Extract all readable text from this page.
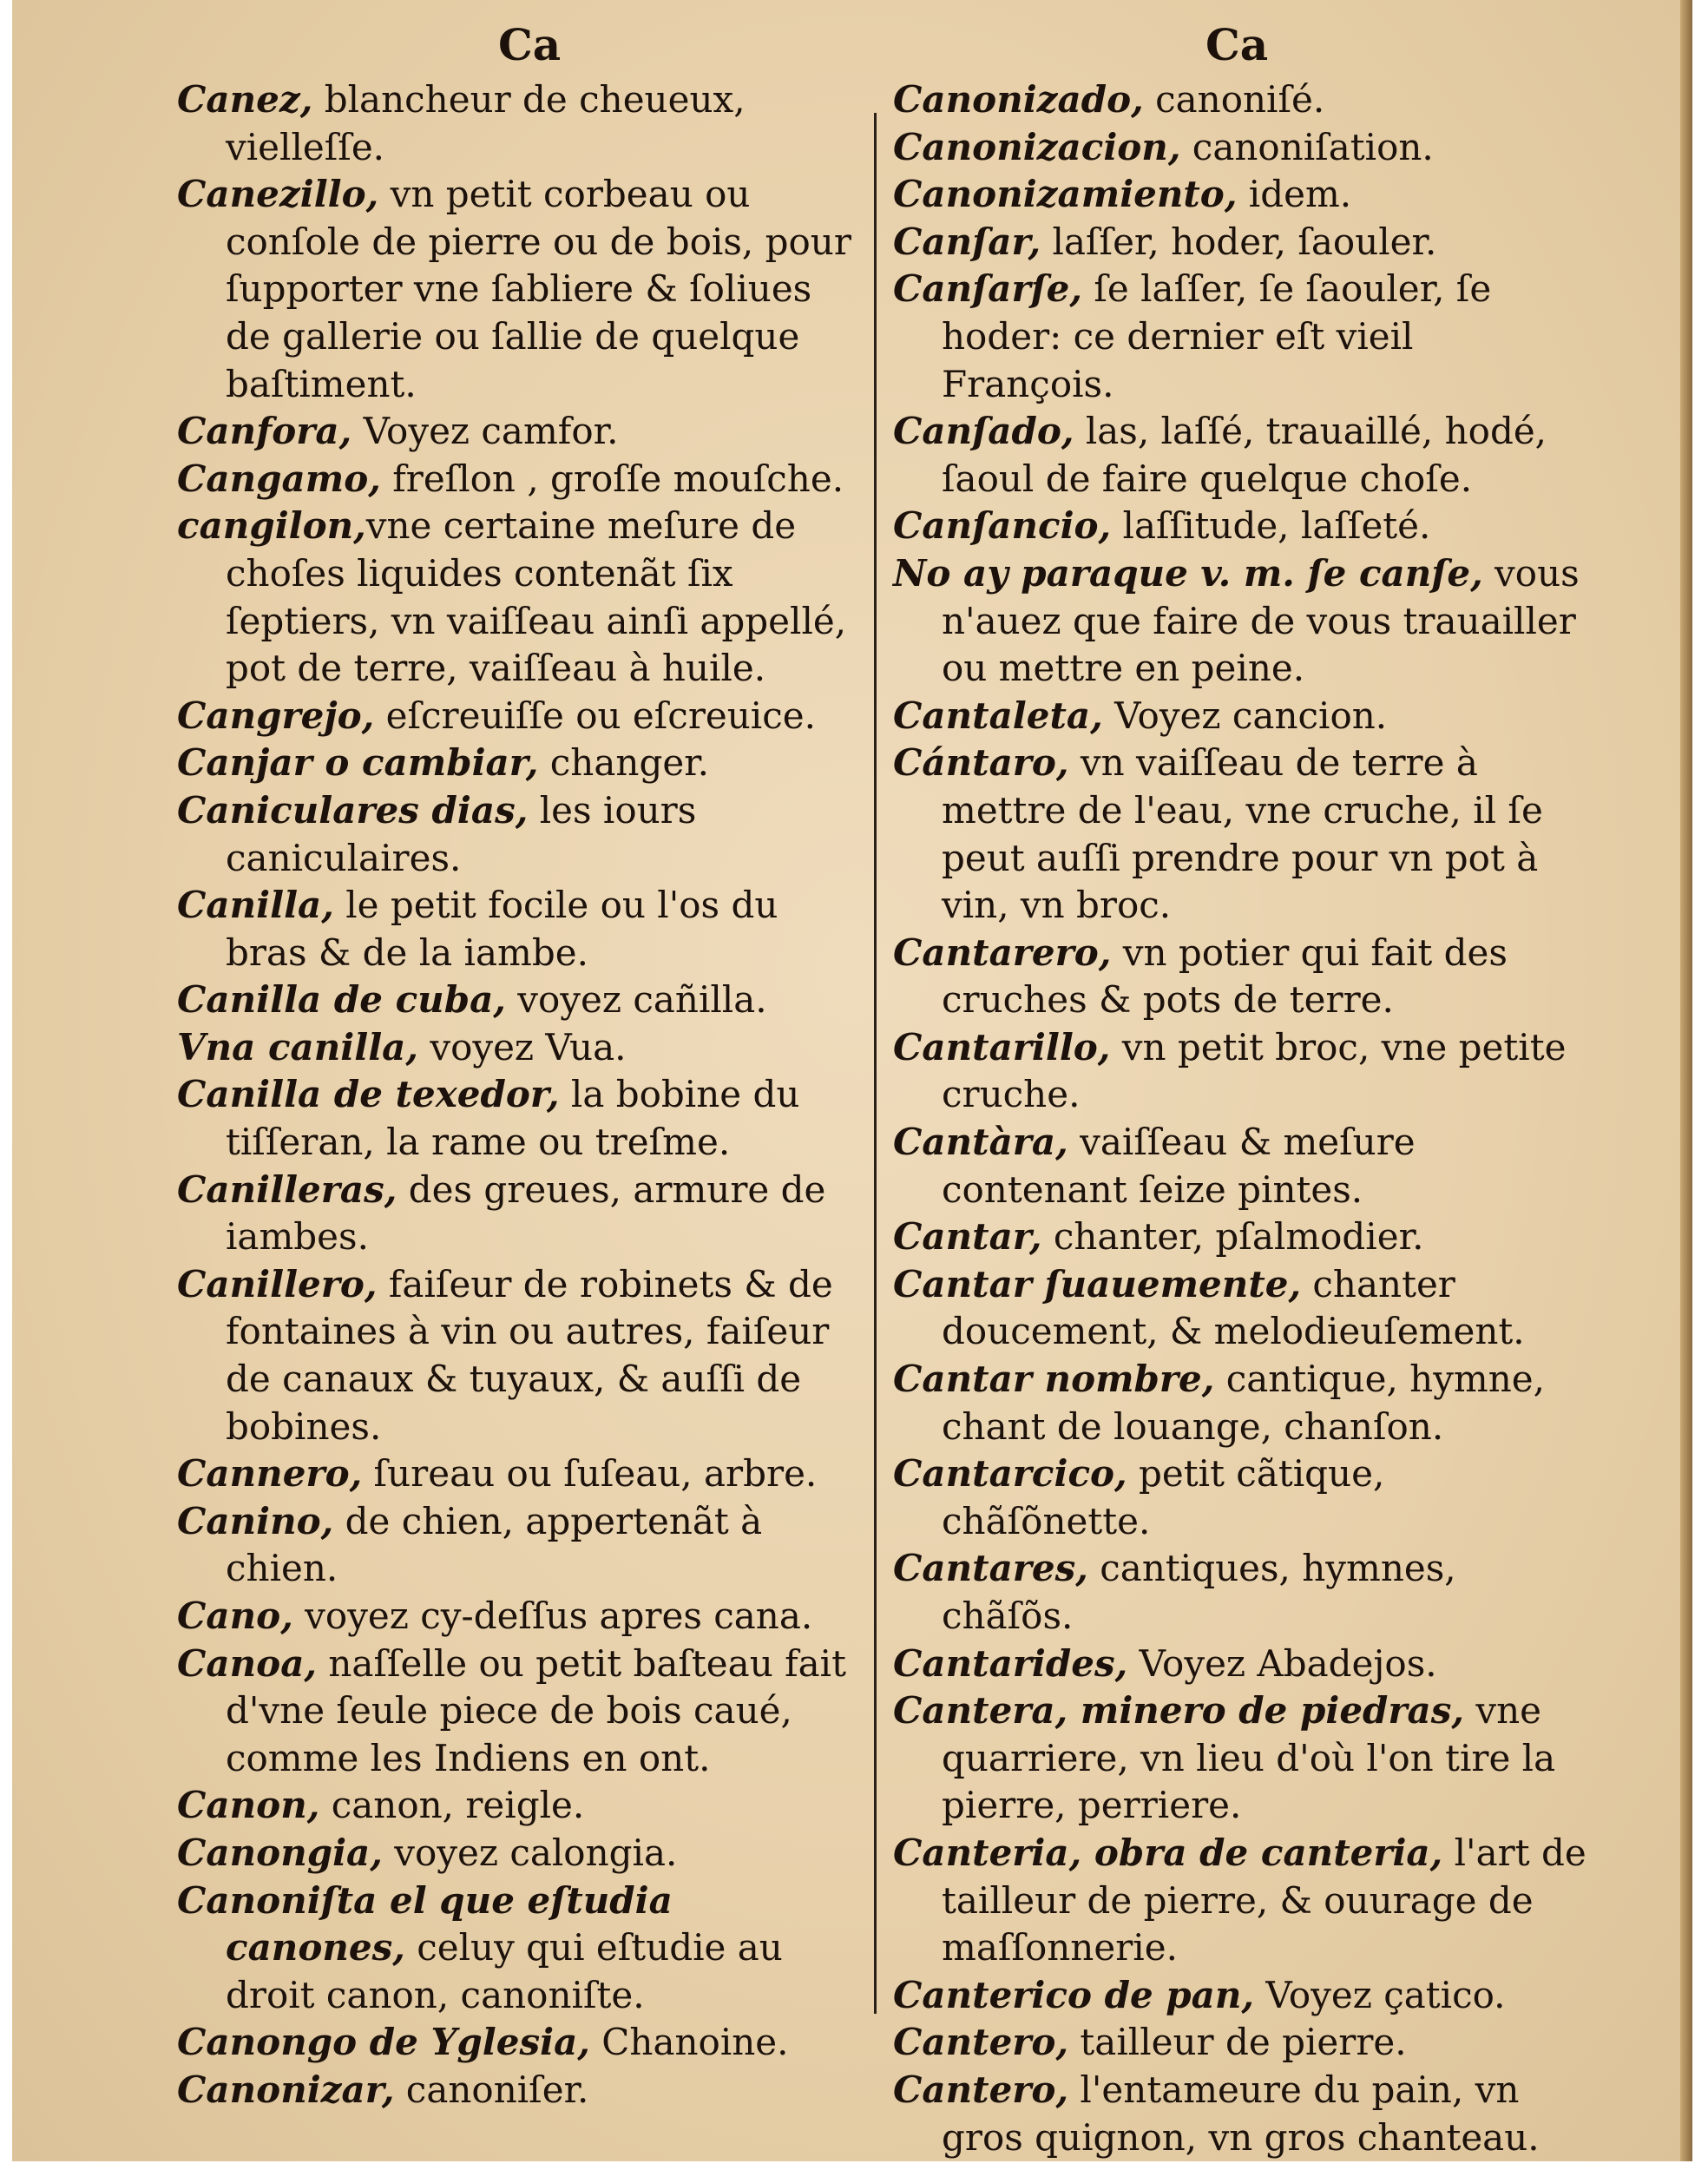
Ca	Ca

Canez, blancheur de cheueux, vielleſſe.

Canezillo, vn petit corbeau ou conſole de pierre ou de bois, pour ſupporter vne ſabliere & ſoliues de gallerie ou ſallie de quelque baſtiment.

Canfora, Voyez camfor.

Cangamo, freſlon , groſſe mouſche.

cangilon,vne certaine meſure de choſes liquides contenãt ſix ſeptiers, vn vaiſſeau ainſi appellé, pot de terre, vaiſſeau à huile.

Cangrejo, eſcreuiſſe ou eſcreuice.

Canjar o cambiar, changer.

Caniculares dias, les iours caniculaires.

Canilla, le petit focile ou l'os du bras & de la iambe.

Canilla de cuba, voyez cañilla.

Vna canilla, voyez Vua.

Canilla de texedor, la bobine du tiſſeran, la rame ou treſme.

Canilleras, des greues, armure de iambes.

Canillero, faiſeur de robinets & de fontaines à vin ou autres, faiſeur de canaux & tuyaux, & auſſi de bobines.

Cannero, ſureau ou ſuſeau, arbre.

Canino, de chien, appertenãt à chien.

Cano, voyez cy-deſſus apres cana.

Canoa, naſſelle ou petit baſteau fait d'vne ſeule piece de bois caué, comme les Indiens en ont.

Canon, canon, reigle.

Canongia, voyez calongia.

Canoniſta el que eſtudia canones, celuy qui eſtudie au droit canon, canoniſte.

Canongo de Yglesia, Chanoine.

Canonizar, canoniſer.

Canonizado, canoniſé.

Canonizacion, canoniſation.

Canonizamiento, idem.

Canſar, laſſer, hoder, ſaouler.

Canſarſe, ſe laſſer, ſe ſaouler, ſe hoder: ce dernier eſt vieil François.

Canſado, las, laſſé, trauaillé, hodé, ſaoul de faire quelque choſe.

Canſancio, laſſitude, laſſeté.

No ay paraque v. m. ſe canſe, vous n'auez que faire de vous trauailler ou mettre en peine.

Cantaleta, Voyez cancion.

Cántaro, vn vaiſſeau de terre à mettre de l'eau, vne cruche, il ſe peut auſſi prendre pour vn pot à vin, vn broc.

Cantarero, vn potier qui fait des cruches & pots de terre.

Cantarillo, vn petit broc, vne petite cruche.

Cantàra, vaiſſeau & meſure contenant ſeize pintes.

Cantar, chanter, pſalmodier.

Cantar ſuauemente, chanter doucement, & melodieuſement.

Cantar nombre, cantique, hymne, chant de louange, chanſon.

Cantarcico, petit cãtique, chãſõnette.

Cantares, cantiques, hymnes, chãſõs.

Cantarides, Voyez Abadejos.

Cantera, minero de piedras, vne quarriere, vn lieu d'où l'on tire la pierre, perriere.

Canteria, obra de canteria, l'art de tailleur de pierre, & ouurage de maſſonnerie.

Canterico de pan, Voyez çatico.

Cantero, tailleur de pierre.

Cantero, l'entameure du pain, vn gros quignon, vn gros chanteau.
